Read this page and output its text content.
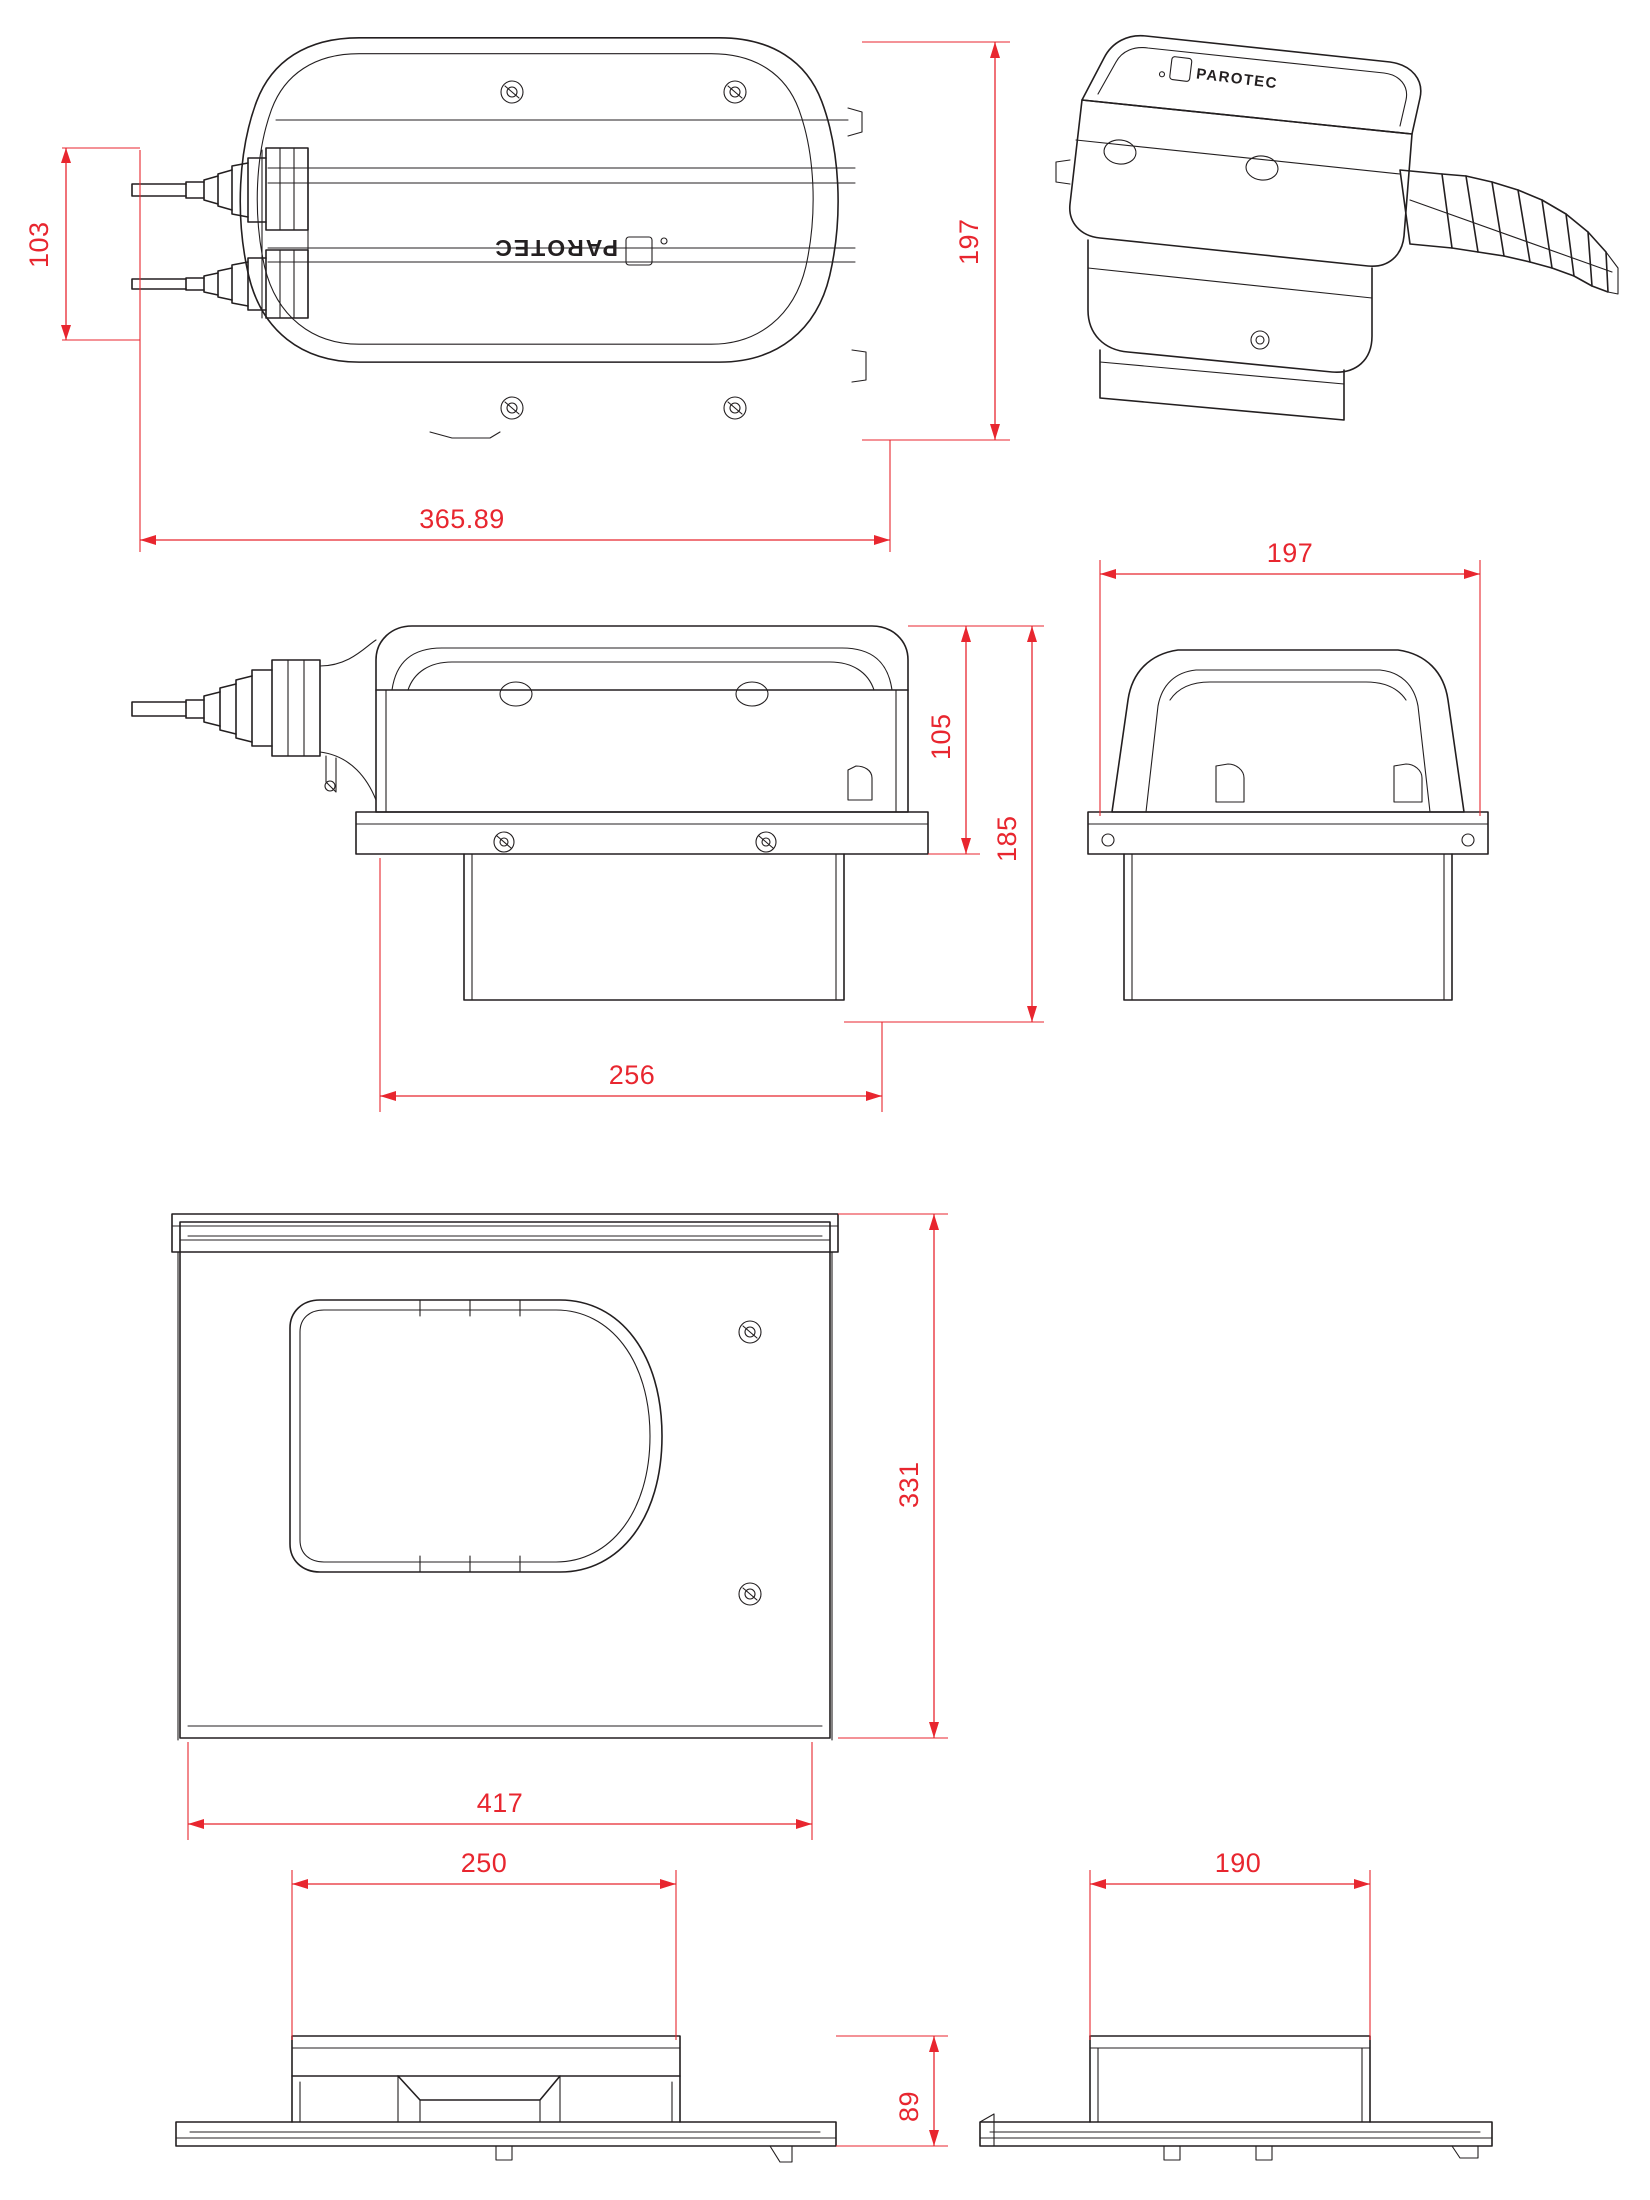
PAROTEC
103	197
365.89
PAROTEC
105
185
256
197
331
417
250
89
190
